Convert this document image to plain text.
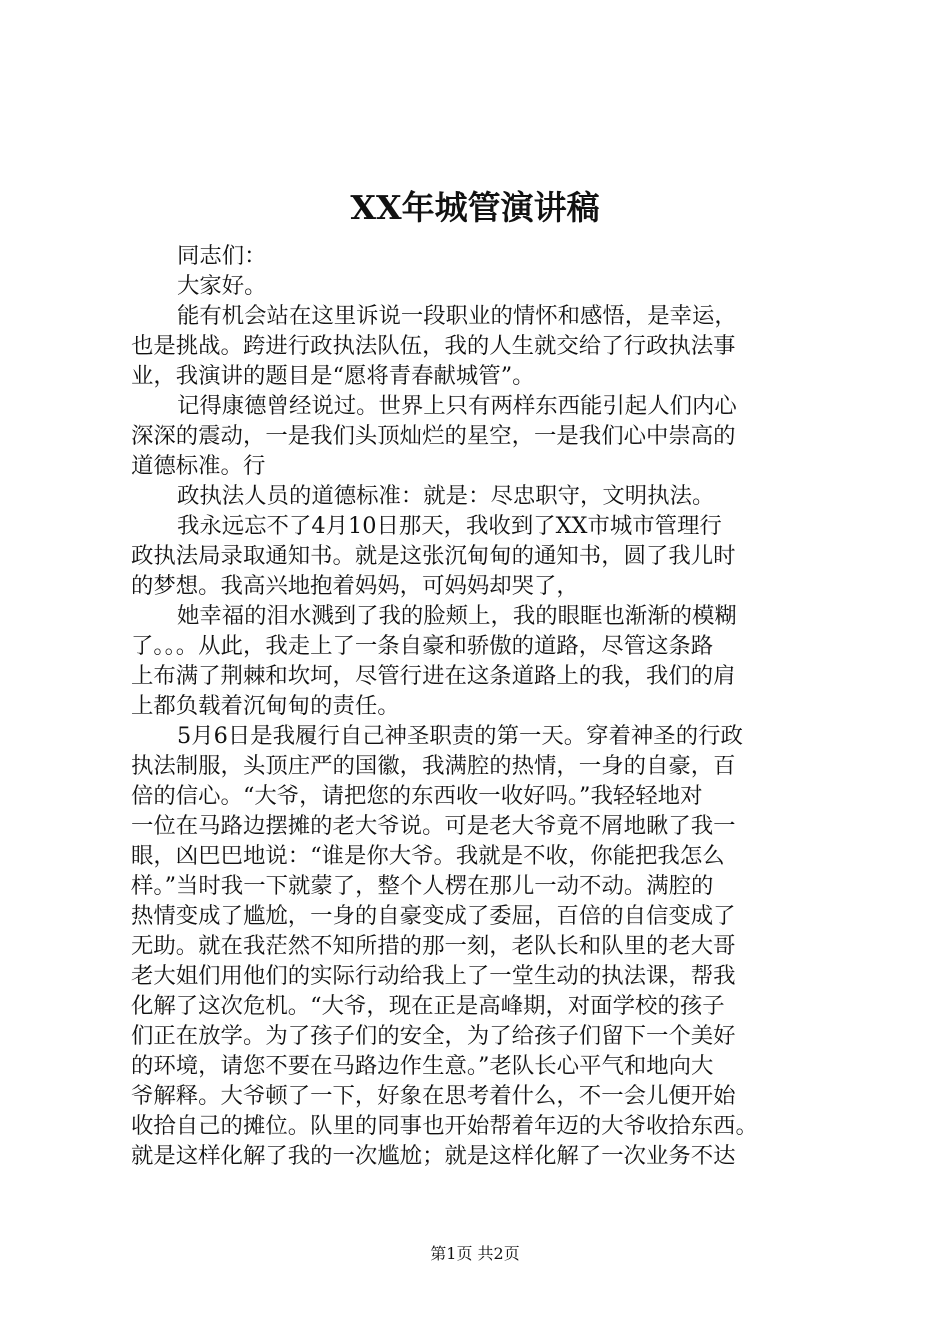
XX年城管演讲稿
同志们：
大家好。
能有机会站在这里诉说一段职业的情怀和感悟，是幸运，
也是挑战。跨进行政执法队伍，我的人生就交给了行政执法事
业，我演讲的题目是“愿将青春献城管”。
记得康德曾经说过。世界上只有两样东西能引起人们内心
深深的震动，一是我们头顶灿烂的星空，一是我们心中崇高的
道德标准。行
政执法人员的道德标准：就是：尽忠职守，文明执法。
我永远忘不了4月10日那天，我收到了XX市城市管理行
政执法局录取通知书。就是这张沉甸甸的通知书，圆了我儿时
的梦想。我高兴地抱着妈妈，可妈妈却哭了，
她幸福的泪水溅到了我的脸颊上，我的眼眶也渐渐的模糊
了。。。从此，我走上了一条自豪和骄傲的道路，尽管这条路
上布满了荆棘和坎坷，尽管行进在这条道路上的我，我们的肩
上都负载着沉甸甸的责任。
5月6日是我履行自己神圣职责的第一天。穿着神圣的行政
执法制服，头顶庄严的国徽，我满腔的热情，一身的自豪，百
倍的信心。“大爷，请把您的东西收一收好吗。”我轻轻地对
一位在马路边摆摊的老大爷说。可是老大爷竟不屑地瞅了我一
眼，凶巴巴地说：“谁是你大爷。我就是不收，你能把我怎么
样。”当时我一下就蒙了，整个人楞在那儿一动不动。满腔的
热情变成了尴尬，一身的自豪变成了委屈，百倍的自信变成了
无助。就在我茫然不知所措的那一刻，老队长和队里的老大哥
老大姐们用他们的实际行动给我上了一堂生动的执法课，帮我
化解了这次危机。“大爷，现在正是高峰期，对面学校的孩子
们正在放学。为了孩子们的安全，为了给孩子们留下一个美好
的环境，请您不要在马路边作生意。”老队长心平气和地向大
爷解释。大爷顿了一下，好象在思考着什么，不一会儿便开始
收拾自己的摊位。队里的同事也开始帮着年迈的大爷收拾东西。
就是这样化解了我的一次尴尬；就是这样化解了一次业务不达
第1页 共2页
